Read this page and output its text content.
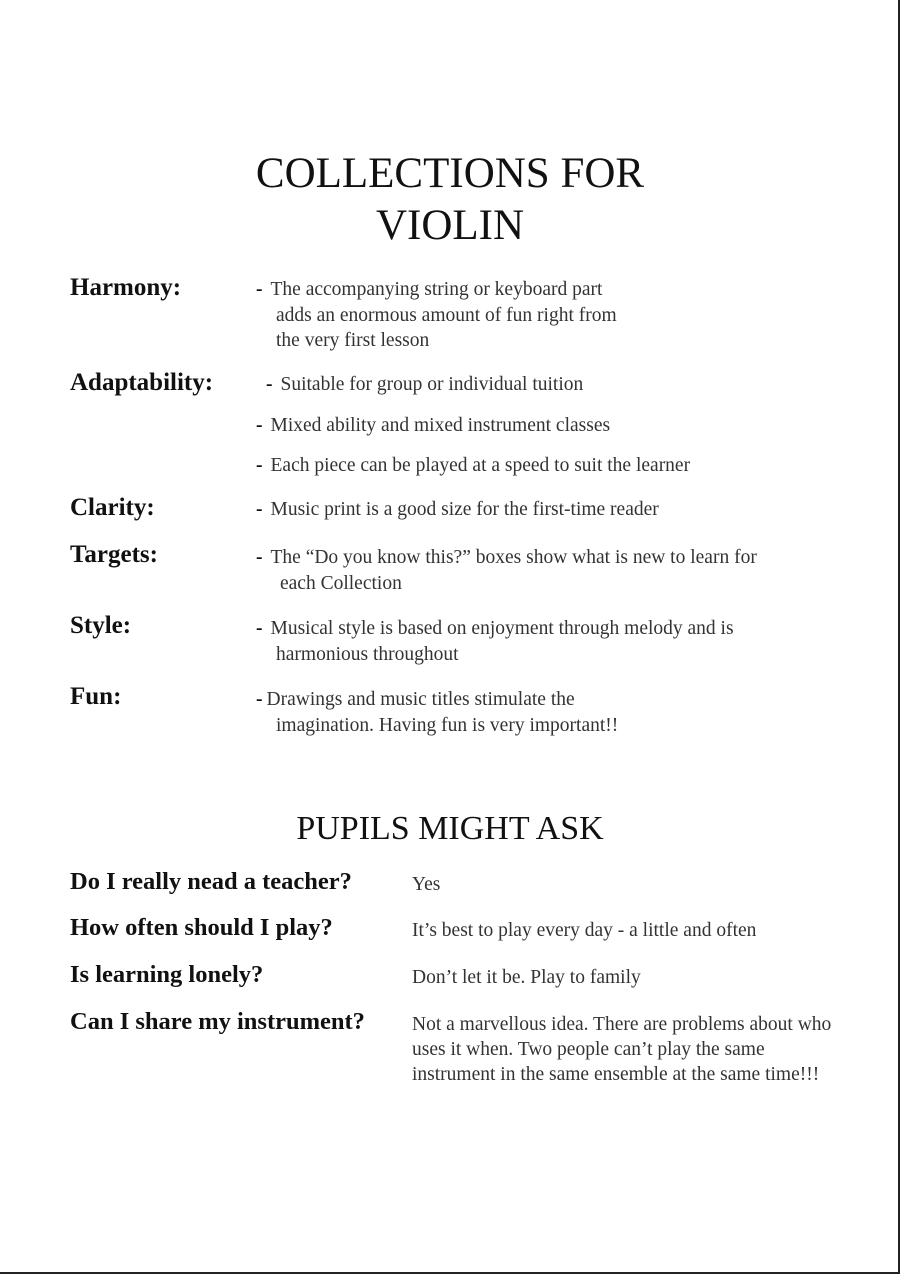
COLLECTIONS FOR
VIOLIN
Harmony:	- The accompanying string or keyboard part
adds an enormous amount of fun right from
the very first lesson
Adaptability:	- Suitable for group or individual tuition
- Mixed ability and mixed instrument classes
- Each piece can be played at a speed to suit the learner
Clarity:	- Music print is a good size for the first-time reader
Targets:	- The “Do you know this?” boxes show what is new to learn for
each Collection
Style:	- Musical style is based on enjoyment through melody and is
harmonious throughout
Fun:	- Drawings and music titles stimulate the
imagination. Having fun is very important!!
PUPILS MIGHT ASK
Do I really nead a teacher?	Yes
How often should I play?	It’s best to play every day - a little and often
Is learning lonely?	Don’t let it be. Play to family
Can I share my instrument? Not a marvellous idea. There are problems about who uses it when. Two people can’t play the same instrument in the same ensemble at the same time!!!
